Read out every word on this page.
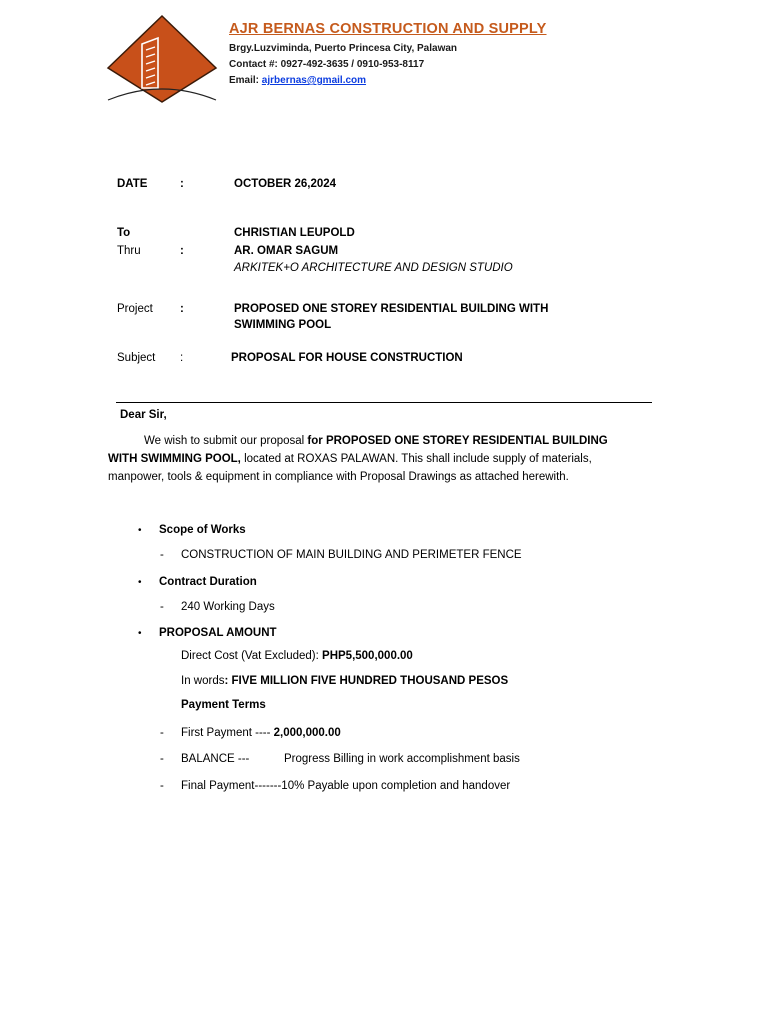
AJR BERNAS CONSTRUCTION AND SUPPLY
Brgy.Luzviminda, Puerto Princesa City, Palawan
Contact #: 0927-492-3635 / 0910-953-8117
Email: ajrbernas@gmail.com
DATE	:	OCTOBER 26,2024
To	CHRISTIAN LEUPOLD
Thru	:	AR. OMAR SAGUM
ARKITEK+O ARCHITECTURE AND DESIGN STUDIO
Project :	PROPOSED ONE STOREY RESIDENTIAL BUILDING WITH
SWIMMING POOL
Subject :	PROPOSAL FOR HOUSE CONSTRUCTION
Dear Sir,
We wish to submit our proposal for PROPOSED ONE STOREY RESIDENTIAL BUILDING WITH SWIMMING POOL, located at ROXAS PALAWAN. This shall include supply of materials, manpower, tools & equipment in compliance with Proposal Drawings as attached herewith.
• Scope of Works
- CONSTRUCTION OF MAIN BUILDING AND PERIMETER FENCE
• Contract Duration
- 240 Working Days
• PROPOSAL AMOUNT
Direct Cost (Vat Excluded): PHP5,500,000.00
In words: FIVE MILLION FIVE HUNDRED THOUSAND PESOS
Payment Terms
- First Payment ---- 2,000,000.00
- BALANCE ---	Progress Billing in work accomplishment basis
- Final Payment-------10% Payable upon completion and handover
